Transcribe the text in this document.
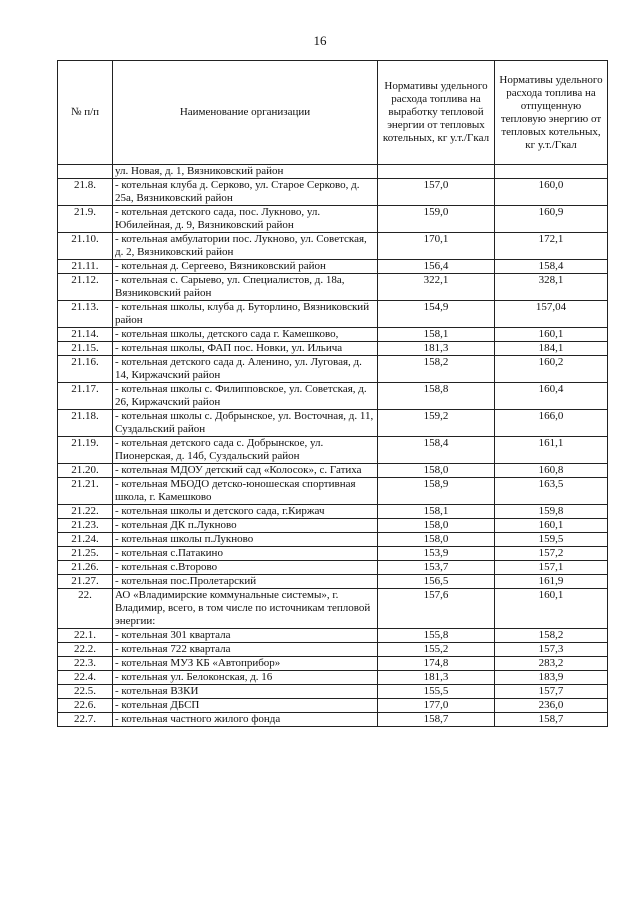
16
№ п/п	Наименование организации	Нормативы удельного расхода топлива на выработку тепловой энергии от тепловых котельных, кг у.т./Гкал	Нормативы удельного расхода топлива на отпущенную тепловую энергию от тепловых котельных, кг у.т./Гкал
	ул. Новая, д. 1, Вязниковский район		
21.8.	- котельная клуба д. Серково, ул. Старое Серково, д. 25а, Вязниковский район	157,0	160,0
21.9.	- котельная детского сада, пос. Лукново, ул. Юбилейная, д. 9, Вязниковский район	159,0	160,9
21.10.	- котельная амбулатории пос. Лукново, ул. Советская, д. 2, Вязниковский район	170,1	172,1
21.11.	- котельная д. Сергеево, Вязниковский район	156,4	158,4
21.12.	- котельная с. Сарыево, ул. Специалистов, д. 18а, Вязниковский район	322,1	328,1
21.13.	- котельная школы, клуба д. Буторлино, Вязниковский район	154,9	157,04
21.14.	- котельная школы, детского сада г. Камешково,	158,1	160,1
21.15.	- котельная школы, ФАП пос. Новки, ул. Ильича	181,3	184,1
21.16.	- котельная детского сада д. Аленино, ул. Луговая, д. 14, Киржачский район	158,2	160,2
21.17.	- котельная школы с. Филипповское, ул. Советская, д. 26, Киржачский район	158,8	160,4
21.18.	- котельная школы с. Добрынское, ул. Восточная, д. 11, Суздальский район	159,2	166,0
21.19.	- котельная детского сада с. Добрынское, ул. Пионерская, д. 14б, Суздальский район	158,4	161,1
21.20.	- котельная МДОУ детский сад «Колосок», с. Гатиха	158,0	160,8
21.21.	- котельная МБОДО детско-юношеская спортивная школа, г. Камешково	158,9	163,5
21.22.	- котельная школы и детского сада, г.Киржач	158,1	159,8
21.23.	- котельная ДК п.Лукново	158,0	160,1
21.24.	- котельная школы п.Лукново	158,0	159,5
21.25.	- котельная с.Патакино	153,9	157,2
21.26.	- котельная с.Второво	153,7	157,1
21.27.	- котельная пос.Пролетарский	156,5	161,9
22.	АО «Владимирские коммунальные системы», г. Владимир, всего, в том числе по источникам тепловой энергии:	157,6	160,1
22.1.	- котельная 301 квартала	155,8	158,2
22.2.	- котельная 722 квартала	155,2	157,3
22.3.	- котельная МУЗ КБ «Автоприбор»	174,8	283,2
22.4.	- котельная ул. Белоконская, д. 16	181,3	183,9
22.5.	- котельная ВЗКИ	155,5	157,7
22.6.	- котельная ДБСП	177,0	236,0
22.7.	- котельная частного жилого фонда	158,7	158,7
